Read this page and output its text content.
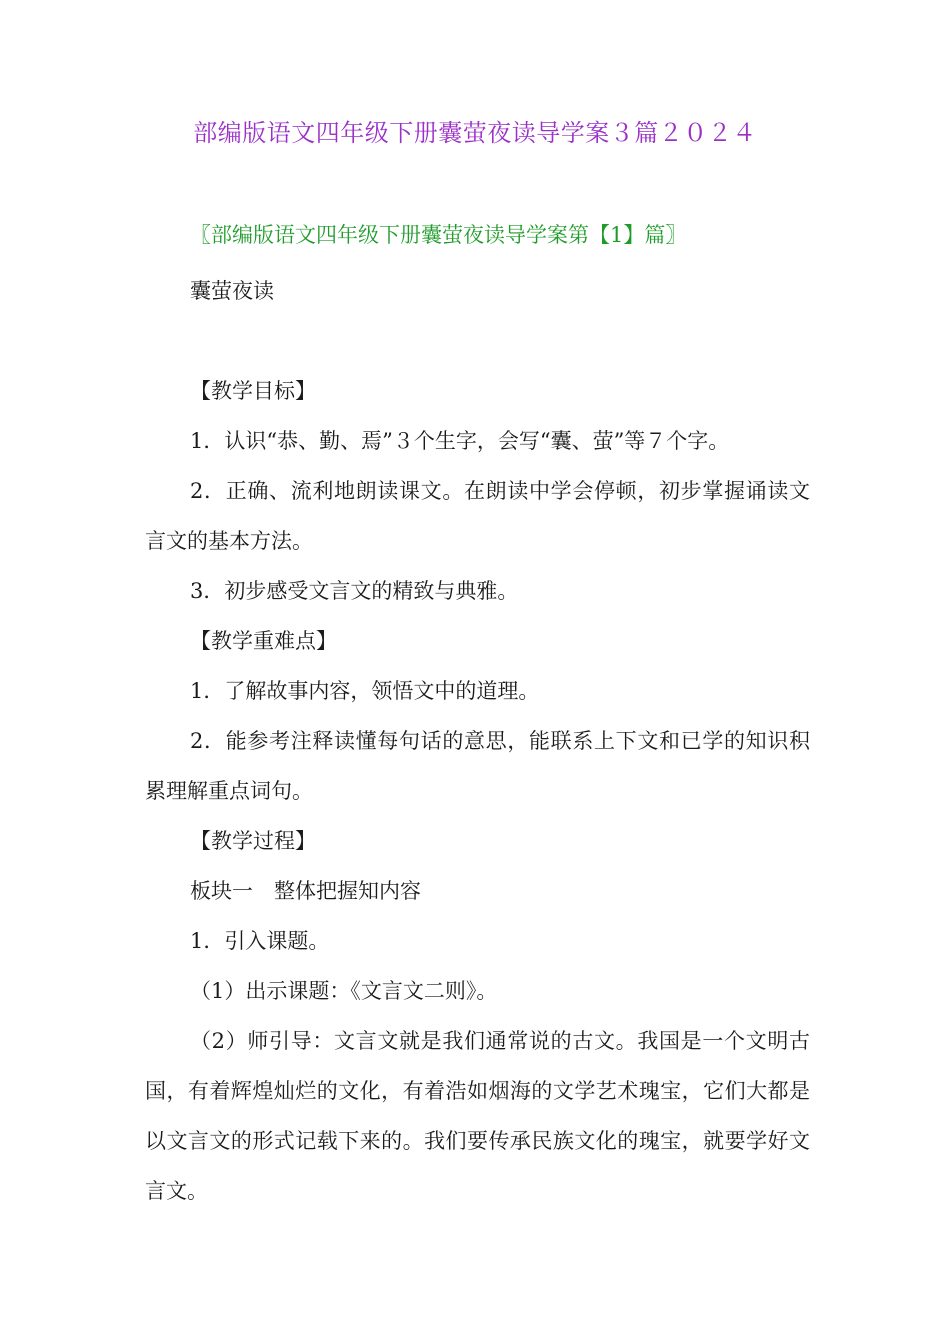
部编版语文四年级下册囊萤夜读导学案３篇２０２４
〖部编版语文四年级下册囊萤夜读导学案第【1】篇〗

囊萤夜读

【教学目标】

1．认识“恭、勤、焉”３个生字，会写“囊、萤”等７个字。

2．正确、流利地朗读课文。在朗读中学会停顿，初步掌握诵读文言文的基本方法。

3．初步感受文言文的精致与典雅。

【教学重难点】

1．了解故事内容，领悟文中的道理。

2．能参考注释读懂每句话的意思，能联系上下文和已学的知识积累理解重点词句。

【教学过程】

板块一　整体把握知内容

1．引入课题。

（1）出示课题：《文言文二则》。

（2）师引导：文言文就是我们通常说的古文。我国是一个文明古国，有着辉煌灿烂的文化，有着浩如烟海的文学艺术瑰宝，它们大都是以文言文的形式记载下来的。我们要传承民族文化的瑰宝，就要学好文言文。
